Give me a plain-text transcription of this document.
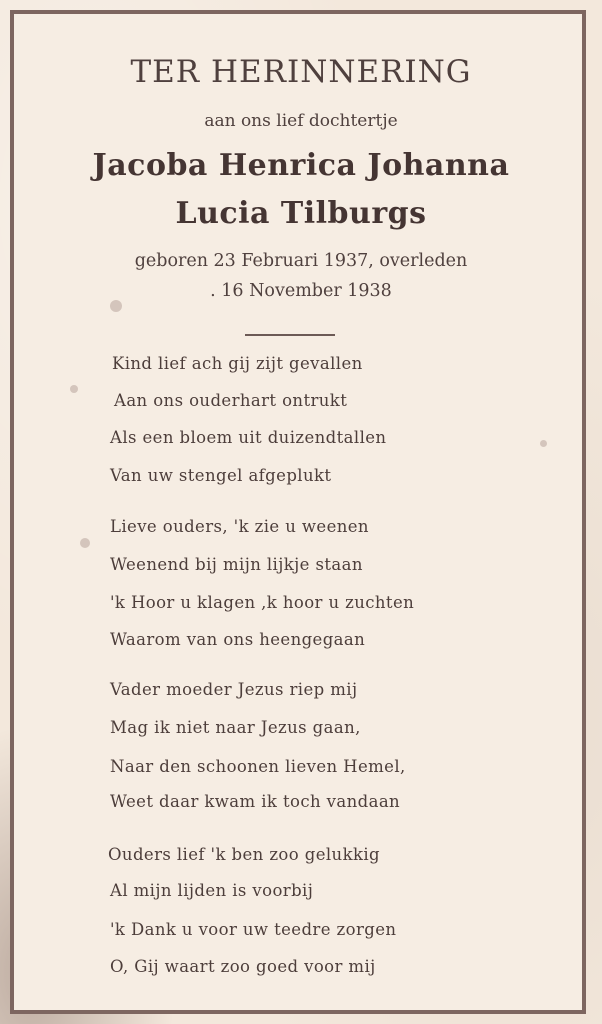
TER HERINNERING
aan ons lief dochtertje
Jacoba Henrica Johanna
Lucia Tilburgs
geboren 23 Februari 1937, overleden
. 16 November 1938
Kind lief ach gij zijt gevallen
Aan ons ouderhart ontrukt
Als een bloem uit duizendtallen
Van uw stengel afgeplukt
Lieve ouders, 'k zie u weenen
Weenend bij mijn lijkje staan
'k Hoor u klagen ,k hoor u zuchten
Waarom van ons heengegaan
Vader moeder Jezus riep mij
Mag ik niet naar Jezus gaan,
Naar den schoonen lieven Hemel,
Weet daar kwam ik toch vandaan
Ouders lief 'k ben zoo gelukkig
Al mijn lijden is voorbij
'k Dank u voor uw teedre zorgen
O, Gij waart zoo goed voor mij
